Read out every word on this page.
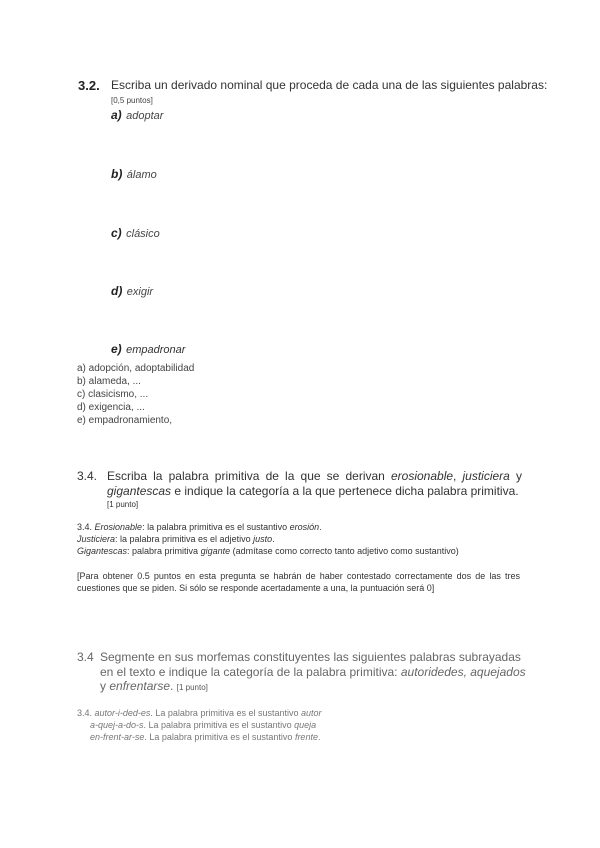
3.2. Escriba un derivado nominal que proceda de cada una de las siguientes palabras:
[0,5 puntos]
a) adoptar
b) álamo
c) clásico
d) exigir
e) empadronar
a) adopción, adoptabilidad
b) alameda, ...
c) clasicismo, ...
d) exigencia, ...
e) empadronamiento,
3.4. Escriba la palabra primitiva de la que se derivan erosionable, justiciera y
gigantescas e indique la categoría a la que pertenece dicha palabra primitiva.
[1 punto]
3.4. Erosionable: la palabra primitiva es el sustantivo erosión.
Justiciera: la palabra primitiva es el adjetivo justo.
Gigantescas: palabra primitiva gigante (admítase como correcto tanto adjetivo como sustantivo)
[Para obtener 0.5 puntos en esta pregunta se habrán de haber contestado correctamente dos de las tres cuestiones que se piden. Si sólo se responde acertadamente a una, la puntuación será 0]
3.4 Segmente en sus morfemas constituyentes las siguientes palabras subrayadas
en el texto e indique la categoría de la palabra primitiva: autoridedes, aquejados
y enfrentarse. [1 punto]
3.4. autor-i-ded-es. La palabra primitiva es el sustantivo autor
a-quej-a-do-s. La palabra primitiva es el sustantivo queja
en-frent-ar-se. La palabra primitiva es el sustantivo frente.
